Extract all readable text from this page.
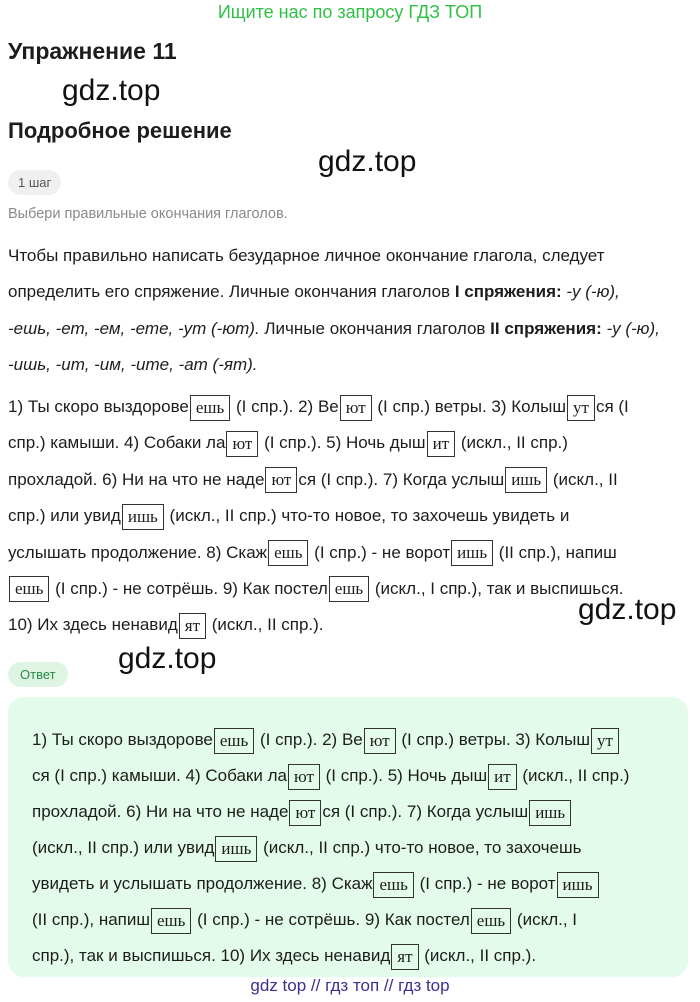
Ищите нас по запросу ГДЗ ТОП
Упражнение 11
gdz.top
Подробное решение
gdz.top
1 шаг
Выбери правильные окончания глаголов.
Чтобы правильно написать безударное личное окончание глагола, следует
определить его спряжение. Личные окончания глаголов I спряжения: -у (-ю),
-ешь, -ет, -ем, -ете, -ут (-ют). Личные окончания глаголов II спряжения: -у (-ю),
-ишь, -ит, -им, -ите, -ат (-ят).
1) Ты скоро выздорове ешь (I спр.). 2) Ве ют (I спр.) ветры. 3) Колыш ут ся (I
спр.) камыши. 4) Собаки ла ют (I спр.). 5) Ночь дыш ит (искл., II спр.)
прохладой. 6) Ни на что не наде ют ся (I спр.). 7) Когда услыш ишь (искл., II
спр.) или увид ишь (искл., II спр.) что-то новое, то захочешь увидеть и
услышать продолжение. 8) Скаж ешь (I спр.) - не ворот ишь (II спр.), напиш
ешь (I спр.) - не сотрёшь. 9) Как постел ешь (искл., I спр.), так и выспишься.
10) Их здесь ненавид ят (искл., II спр.).	gdz.top
gdz.top
Ответ
1) Ты скоро выздорове ешь (I спр.). 2) Ве ют (I спр.) ветры. 3) Колыш ут
ся (I спр.) камыши. 4) Собаки ла ют (I спр.). 5) Ночь дыш ит (искл., II спр.)
прохладой. 6) Ни на что не наде ют ся (I спр.). 7) Когда услыш ишь
(искл., II спр.) или увид ишь (искл., II спр.) что-то новое, то захочешь
увидеть и услышать продолжение. 8) Скаж ешь (I спр.) - не ворот ишь
(II спр.), напиш ешь (I спр.) - не сотрёшь. 9) Как постел ешь (искл., I
спр.), так и выспишься. 10) Их здесь ненавид ят (искл., II спр.).
gdz top // гдз топ // гдз top
